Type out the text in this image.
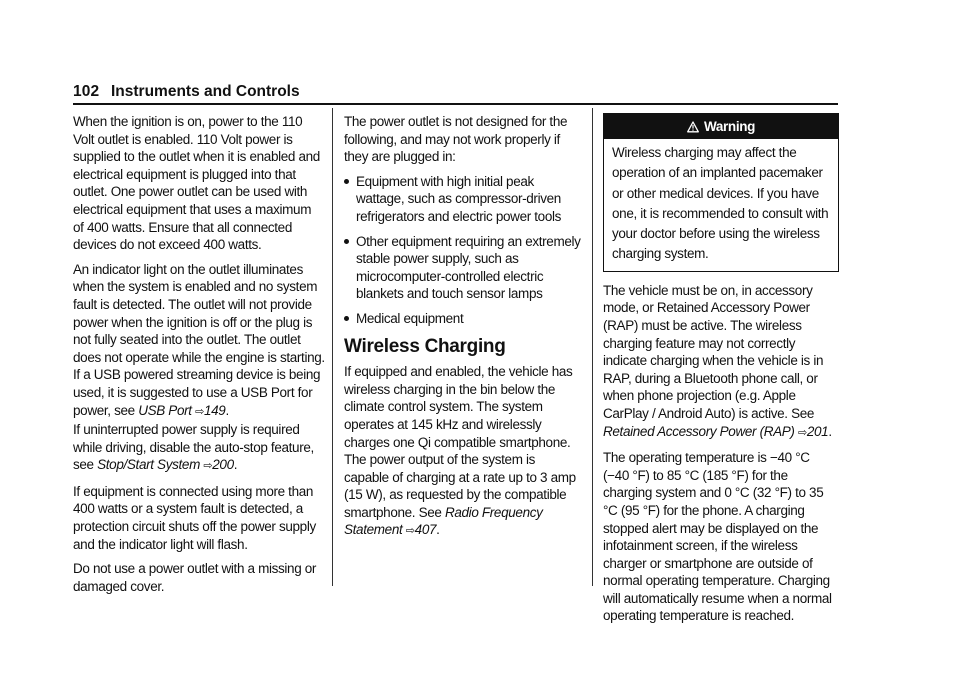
102 Instruments and Controls

When the ignition is on, power to the 110 Volt outlet is enabled. 110 Volt power is supplied to the outlet when it is enabled and electrical equipment is plugged into that outlet. One power outlet can be used with electrical equipment that uses a maximum of 400 watts. Ensure that all connected devices do not exceed 400 watts.

An indicator light on the outlet illuminates when the system is enabled and no system fault is detected. The outlet will not provide power when the ignition is off or the plug is not fully seated into the outlet. The outlet does not operate while the engine is starting. If a USB powered streaming device is being used, it is suggested to use a USB Port for power, see USB Port ⇨149.

If uninterrupted power supply is required while driving, disable the auto-stop feature, see Stop/Start System ⇨200.

If equipment is connected using more than 400 watts or a system fault is detected, a protection circuit shuts off the power supply and the indicator light will flash.

Do not use a power outlet with a missing or damaged cover.

The power outlet is not designed for the following, and may not work properly if they are plugged in:

Equipment with high initial peak wattage, such as compressor-driven refrigerators and electric power tools
Other equipment requiring an extremely stable power supply, such as microcomputer-controlled electric blankets and touch sensor lamps
Medical equipment
Wireless Charging

If equipped and enabled, the vehicle has wireless charging in the bin below the climate control system. The system operates at 145 kHz and wirelessly charges one Qi compatible smartphone. The power output of the system is capable of charging at a rate up to 3 amp (15 W), as requested by the compatible smartphone. See Radio Frequency Statement ⇨407.

Warning
Wireless charging may affect the operation of an implanted pacemaker or other medical devices. If you have one, it is recommended to consult with your doctor before using the wireless charging system.

The vehicle must be on, in accessory mode, or Retained Accessory Power (RAP) must be active. The wireless charging feature may not correctly indicate charging when the vehicle is in RAP, during a Bluetooth phone call, or when phone projection (e.g. Apple CarPlay / Android Auto) is active. See Retained Accessory Power (RAP) ⇨201.

The operating temperature is −40 °C (−40 °F) to 85 °C (185 °F) for the charging system and 0 °C (32 °F) to 35 °C (95 °F) for the phone. A charging stopped alert may be displayed on the infotainment screen, if the wireless charger or smartphone are outside of normal operating temperature. Charging will automatically resume when a normal operating temperature is reached.
